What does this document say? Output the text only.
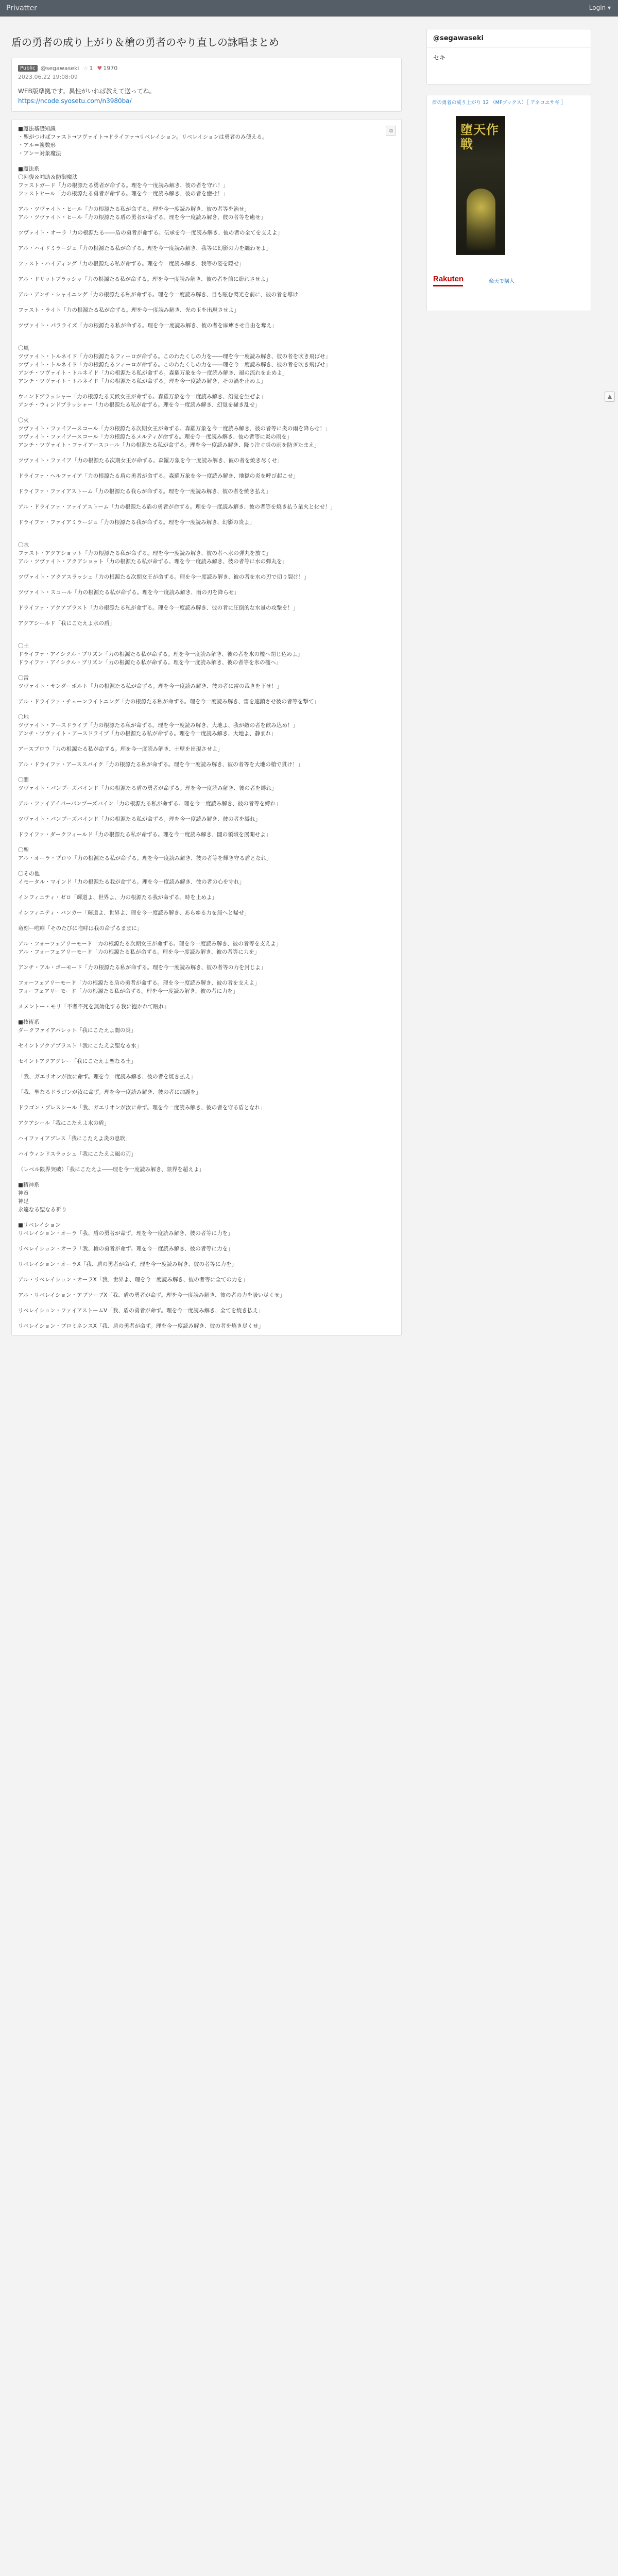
Privatter	Login ▾
盾の勇者の成り上がり＆槍の勇者のやり直しの詠唱まとめ
Public @segawaseki ☆ 1 ♥ 1970
2023.06.22 19:08:09
WEB版準拠です。異性がいれば教えて送ってね。
https://ncode.syosetu.com/n3980ba/
⧉
■魔法基礎知識
・聖がつけばファスト→ツヴァイト→ドライファ→リベレイション。リベレイションは勇者のみ使える。
・アル＝複数形
・アン＝対象魔法
■魔法系
〇回復＆補助＆防御魔法
ファストガード「力の根源たる勇者が命ずる。理を今一度読み解き、彼の者を守れ！」
ファストヒール「力の根源たる勇者が命ずる。理を今一度読み解き、彼の者を癒せ！」
アル・ツヴァイト・ヒール「力の根源たる私が命ずる。理を今一度読み解き、彼の者等を治せ」
アル・ツヴァイト・ヒール「力の根源たる盾の勇者が命ずる。理を今一度読み解き、彼の者等を癒せ」
ツヴァイト・オーラ「力の根源たる――盾の勇者が命ずる。伝承を今一度読み解き、彼の者の全てを支えよ」
アル・ハイドミラージュ「力の根源たる私が命ずる。理を今一度読み解き、我等に幻影の力を纏わせよ」
ファスト・ハイディング「力の根源たる私が命ずる。理を今一度読み解き、我等の姿を隠せ」
アル・ドリットブラッシャ「力の根源たる私が命ずる。理を今一度読み解き、彼の者を前に紛れさせよ」
アル・アンチ・シャイニング「力の根源たる私が命ずる。理を今一度読み解き、目も眩む閃光を前に、彼の者を導け」
ファスト・ライト「力の根源たる私が命ずる。理を今一度読み解き、光の玉を出現させよ」
ツヴァイト・パラライズ「力の根源たる私が命ずる。理を今一度読み解き、彼の者を麻痺させ自由を奪え」
〇風
ツヴァイト・トルネイド「力の根源たるフィーロが命ずる。このわたくしの力を――理を今一度読み解き、彼の者を吹き飛ばせ」
ツヴァイト・トルネイド「力の根源たるフィーロが命ずる。このわたくしの力を――理を今一度読み解き、彼の者を吹き飛ばせ」
アンチ・ツヴァイト・トルネイド「力の根源たる私が命ずる。森羅万象を今一度読み解き、風の流れを止めよ」
アンチ・ツヴァイト・トルネイド「力の根源たる私が命ずる。理を今一度読み解き、その渦を止めよ」
ウィンドブラッシャー「力の根源たる天候女王が命ずる。森羅万象を今一度読み解き、幻覚を生ぜよ」
アンチ・ウィンドブラッシャー「力の根源たる私が命ずる。理を今一度読み解き、幻覚を掻き乱せ」
〇火
ツヴァイト・ファイアースコール「力の根源たる次期女王が命ずる。森羅万象を今一度読み解き、彼の者等に炎の雨を降らせ！」
ツヴァイト・ファイアースコール「力の根源たるメルティが命ずる。理を今一度読み解き、彼の者等に炎の雨を」
アンチ・ツヴァイト・ファイアースコール「力の根源たる私が命ずる。理を今一度読み解き、降り注ぐ炎の雨を防ぎたまえ」
ツヴァイト・ファイア「力の根源たる次期女王が命ずる。森羅万象を今一度読み解き、彼の者を焼き尽くせ」
ドライファ・ヘルファイア「力の根源たる盾の勇者が命ずる。森羅万象を今一度読み解き、地獄の炎を呼び起こせ」
ドライファ・ファイアストーム「力の根源たる我らが命ずる。理を今一度読み解き、彼の者を焼き払え」
アル・ドライファ・ファイアストーム「力の根源たる盾の勇者が命ずる。理を今一度読み解き、彼の者等を焼き払う業火と化せ！」
ドライファ・ファイアミラージュ「力の根源たる我が命ずる。理を今一度読み解き、幻影の炎よ」
〇水
ファスト・アクアショット「力の根源たる私が命ずる。理を今一度読み解き、彼の者へ水の弾丸を放て」
アル・ツヴァイト・アクアショット「力の根源たる私が命ずる。理を今一度読み解き、彼の者等に水の弾丸を」
ツヴァイト・アクアスラッシュ「力の根源たる次期女王が命ずる。理を今一度読み解き、彼の者を水の刃で切り裂け！」
ツヴァイト・スコール「力の根源たる私が命ずる。理を今一度読み解き、雨の刃を降らせ」
ドライファ・アクアプラスト「力の根源たる私が命ずる。理を今一度読み解き、彼の者に圧倒的な水量の攻撃を！」
アクアシールド「我にこたえよ水の盾」
〇土
ドライファ・アイシクル・プリズン「力の根源たる私が命ずる。理を今一度読み解き、彼の者を氷の檻へ閉じ込めよ」
ドライファ・アイシクル・プリズン「力の根源たる私が命ずる。理を今一度読み解き、彼の者等を氷の檻へ」
〇雷
ツヴァイト・サンダーボルト「力の根源たる私が命ずる。理を今一度読み解き、彼の者に雷の裁きを下せ！」
アル・ドライファ・チェーンライトニング「力の根源たる私が命ずる。理を今一度読み解き、雷を連鎖させ彼の者等を撃て」
〇地
ツヴァイト・アースドライブ「力の根源たる私が命ずる。理を今一度読み解き、大地よ、我が敵の者を飲み込め！」
アンチ・ツヴァイト・アースドライブ「力の根源たる私が命ずる。理を今一度読み解き、大地よ、静まれ」
アースプロウ「力の根源たる私が命ずる。理を今一度読み解き、土壁を出現させよ」
アル・ドライファ・アーススパイク「力の根源たる私が命ずる。理を今一度読み解き、彼の者等を大地の槍で貫け！」
〇闇
ツヴァイト・パンプーズバインド「力の根源たる盾の勇者が命ずる。理を今一度読み解き、彼の者を縛れ」
アル・ファイアイパーパンプーズバイン「力の根源たる私が命ずる。理を今一度読み解き、彼の者等を縛れ」
ツヴァイト・パンプーズバインド「力の根源たる私が命ずる。理を今一度読み解き、彼の者を縛れ」
ドライファ・ダークフィールド「力の根源たる私が命ずる。理を今一度読み解き、闇の領域を展開せよ」
〇聖
アル・オーラ・プロウ「力の根源たる私が命ずる。理を今一度読み解き、彼の者等を輝き守る盾となれ」
〇その他
イモータル・マインド「力の根源たる我が命ずる。理を今一度読み解き、彼の者の心を守れ」
インフィニティ・ゼロ「輝道よ、世界よ、力の根源たる我が命ずる。時を止めよ」
インフィニティ・バンカー「輝道よ、世界よ、理を今一度読み解き、あらゆる力を無へと帰せ」
竜刻ー咆哮「そのたびに咆哮は我の命ずるままに」
アル・フォーフェアリーモード「力の根源たる次期女王が命ずる。理を今一度読み解き、彼の者等を支えよ」
アル・フォーフェアリーモード「力の根源たる私が命ずる。理を今一度読み解き、彼の者等に力を」
アンチ・アル・ポーモード「力の根源たる私が命ずる。理を今一度読み解き、彼の者等の力を封じよ」
フォーフェアリーモード「力の根源たる盾の勇者が命ずる。理を今一度読み解き、彼の者を支えよ」
フォーフェアリーモード「力の根源たる私が命ずる。理を今一度読み解き、彼の者に力を」
メメントー・モリ「不者不死を無効化する我に抱かれて眠れ」
■技術系
ダークファイアパレット「我にこたえよ闇の炎」
セイントアクアプラスト「我にこたえよ聖なる水」
セイントアクアクレー「我にこたえよ聖なる土」
「我、ガエリオンが汝に命ず。理を今一度読み解き、彼の者を焼き払え」
「我、聖なるドラゴンが汝に命ず。理を今一度読み解き、彼の者に加護を」
ドラゴン・ブレスシール「我、ガエリオンが汝に命ず。理を今一度読み解き、彼の者を守る盾となれ」
アクアシール「我にこたえよ水の盾」
ハイファイアブレス「我にこたえよ炎の息吹」
ハイウィンドスラッシュ「我にこたえよ風の刃」
（レベル限界突破）「我にこたえよ――理を今一度読み解き、限界を超えよ」
■精神系
神童
神足
永遠なる聖なる祈り
■リベレイション
リベレイション・オーラ「我、盾の勇者が命ず。理を今一度読み解き、彼の者等に力を」
リベレイション・オーラ「我、槍の勇者が命ず。理を今一度読み解き、彼の者等に力を」
リベレイション・オーラⅩ「我、盾の勇者が命ず。理を今一度読み解き、彼の者等に力を」
アル・リベレイション・オーラⅩ「我、世界よ、理を今一度読み解き、彼の者等に全ての力を」
アル・リベレイション・アブソーブⅩ「我、盾の勇者が命ず。理を今一度読み解き、彼の者の力を吸い尽くせ」
リベレイション・ファイアストームⅤ「我、盾の勇者が命ず。理を今一度読み解き、全てを焼き払え」
リベレイション・ブロミネンスⅩ「我、盾の勇者が命ず。理を今一度読み解き、彼の者を焼き尽くせ」
▲
@segawaseki
セキ
盾の勇者の成り上がり 12 （MFブックス）［ アネコユサギ ］
堕天作戦
Rakuten	楽天で購入
